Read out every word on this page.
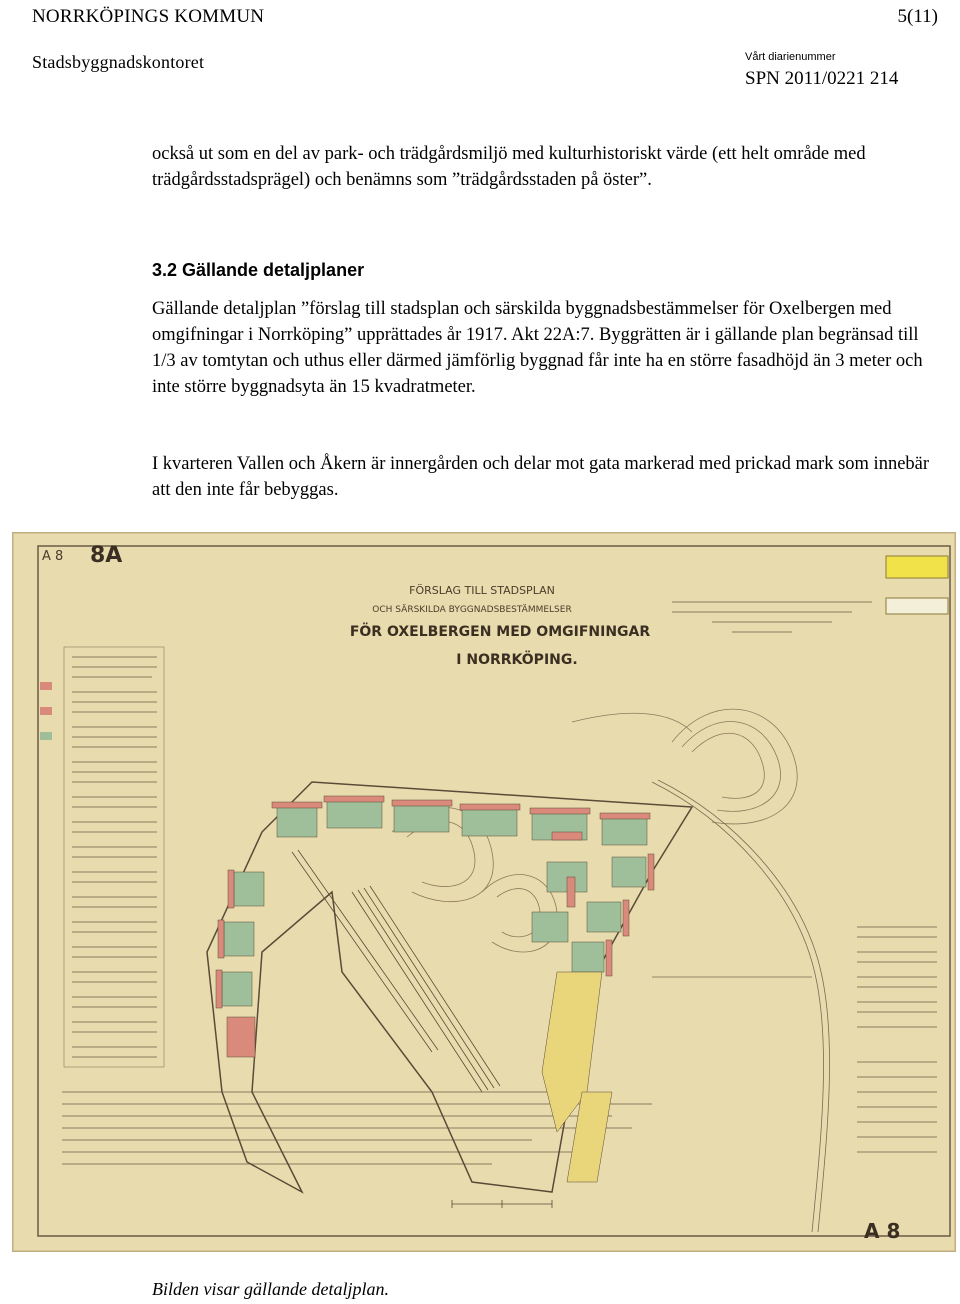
NORRKÖPINGS KOMMUN	5(11)
Stadsbyggnadskontoret	Vårt diarienummer
SPN 2011/0221 214
också ut som en del av park- och trädgårdsmiljö med kulturhistoriskt värde (ett helt område med trädgårdsstadsprägel) och benämns som ”trädgårdsstaden på öster”.
3.2 Gällande detaljplaner
Gällande detaljplan ”förslag till stadsplan och särskilda byggnadsbestämmelser för Oxelbergen med omgifningar i Norrköping” upprättades år 1917. Akt 22A:7. Byggrätten är i gällande plan begränsad till 1/3 av tomtytan och uthus eller därmed jämförlig byggnad får inte ha en större fasadhöjd än 3 meter och inte större byggnadsyta än 15 kvadratmeter.
I kvarteren Vallen och Åkern är innergården och delar mot gata markerad med prickad mark som innebär att den inte får bebyggas.
A 8 8A
A 8
FÖRSLAG TILL STADSPLAN
OCH SÄRSKILDA BYGGNADSBESTÄMMELSER
FÖR OXELBERGEN MED OMGIFNINGAR
I NORRKÖPING.
Bilden visar gällande detaljplan.
